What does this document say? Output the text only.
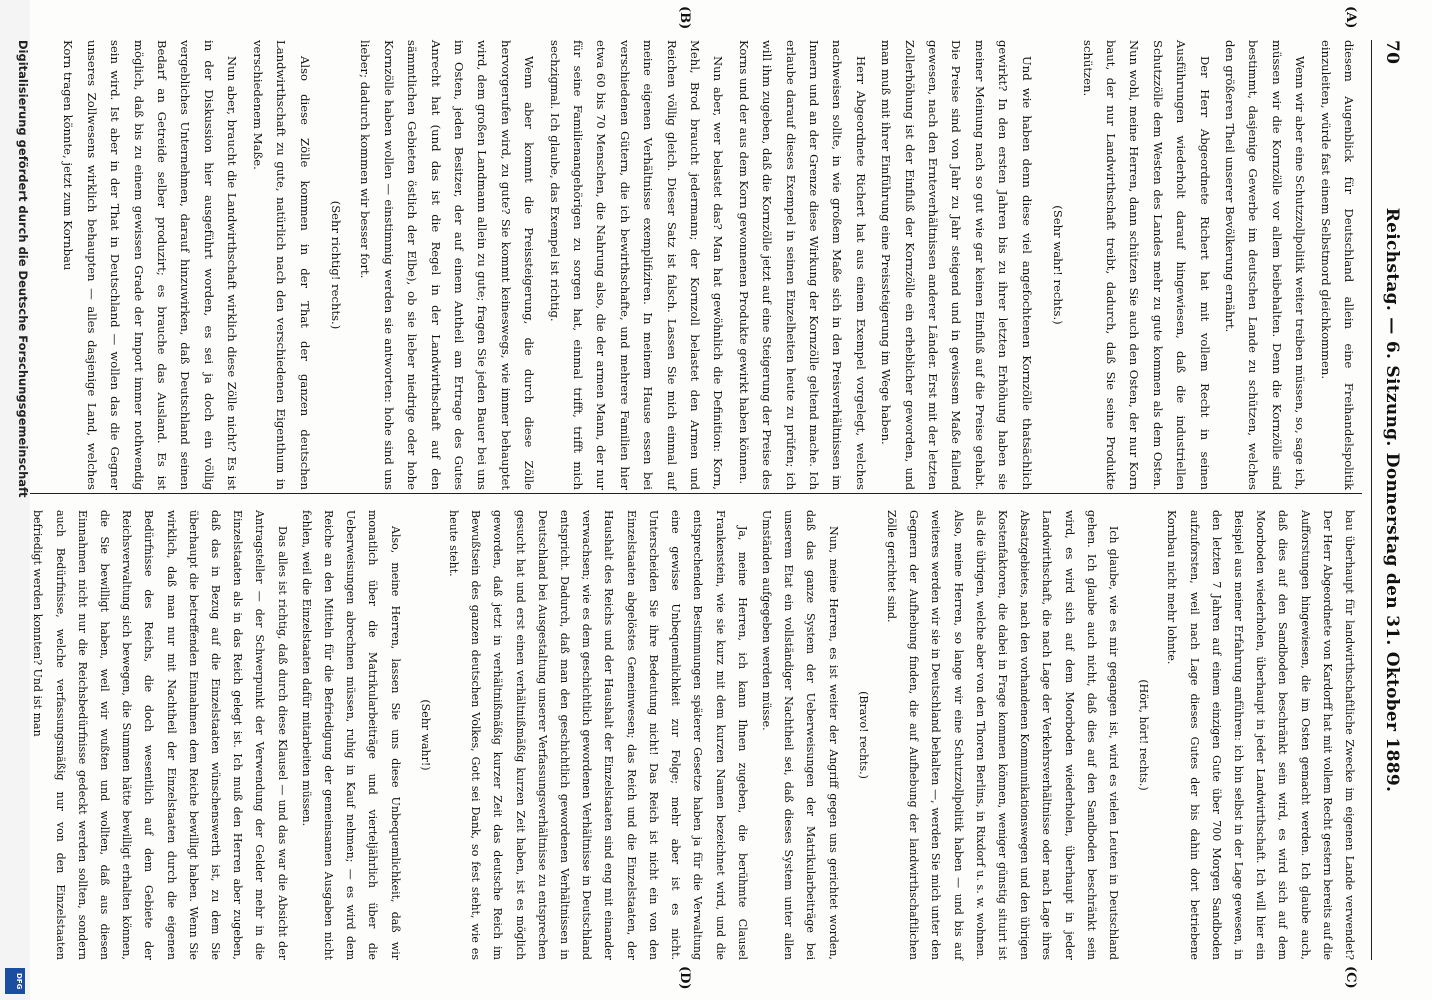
70
Reichstag. — 6. Sitzung. Donnerstag den 31. Oktober 1889.
(A)
(B)
(C)
(D)

diesem Augenblick für Deutschland allein eine Freihandelspolitik einzuleiten, würde fast einem Selbstmord gleichkommen.

Wenn wir aber eine Schutzzollpolitik weiter treiben müssen, so, sage ich, müssen wir die Kornzölle vor allem beibehalten. Denn die Kornzölle sind bestimmt, dasjenige Gewerbe im deutschen Lande zu schützen, welches den größeren Theil unserer Bevölkerung ernährt.

Der Herr Abgeordnete Richert hat mit vollem Recht in seinen Ausführungen wiederholt darauf hingewiesen, daß die industriellen Schutzzölle dem Westen des Landes mehr zu gute kommen als dem Osten. Nun wohl, meine Herren, dann schützen Sie auch den Osten, der nur Korn baut, der nur Landwirthschaft treibt, dadurch, daß Sie seine Produkte schützen.

(Sehr wahr! rechts.)

Und wie haben denn diese viel angefochtenen Kornzölle thatsächlich gewirkt? In den ersten Jahren bis zu ihrer letzten Erhöhung haben sie meiner Meinung nach so gut wie gar keinen Einfluß auf die Preise gehabt. Die Preise sind von Jahr zu Jahr steigend und in gewissem Maße fallend gewesen, nach den Ernteverhältnissen anderer Länder. Erst mit der letzten Zollerhöhung ist der Einfluß der Kornzölle ein erheblicher geworden, und man muß mit ihrer Einführung eine Preissteigerung im Wege haben.

Herr Abgeordnete Richert hat aus einem Exempel vorgelegt, welches nachweisen sollte, in wie großem Maße sich in den Preisverhältnissen im Innern und an der Grenze diese Wirkung der Kornzölle geltend mache. Ich erlaube darauf dieses Exempel in seinen Einzelheiten heute zu prüfen; ich will ihm zugeben, daß die Kornzölle jetzt auf eine Steigerung der Preise des Korns und der aus dem Korn gewonnenen Produkte gewirkt haben können.

Nun aber, wer belastet das? Man hat gewöhnlich die Definition: Korn, Mehl, Brod braucht jedermann; der Kornzoll belastet den Armen und Reichen völlig gleich. Dieser Satz ist falsch. Lassen Sie mich einmal auf meine eigenen Verhältnisse exemplifiziren. In meinem Hause essen bei verschiedenen Gütern, die ich bewirthschafte, und mehrere Familien hier etwa 60 bis 70 Menschen, die Nahrung also, die der armen Mann, der nur für seine Familienangehörigen zu sorgen hat, einmal trifft, trifft mich sechzigmal. Ich glaube, das Exempel ist richtig.

Wenn aber kommt die Preissteigerung, die durch diese Zölle hervorgerufen wird, zu gute? Sie kommt keineswegs, wie immer behauptet wird, dem großen Landmann allein zu gute; fragen Sie jeden Bauer bei uns im Osten, jeden Besitzer, der auf einem Antheil am Ertrage des Gutes Anrecht hat (und das ist die Regel in der Landwirthschaft auf den sämmtlichen Gebieten östlich der Elbe), ob sie lieber niedrige oder hohe Kornzölle haben wollen — einstimmig werden sie antworten: hohe sind uns lieber; dadurch kommen wir besser fort.

(Sehr richtig! rechts.)

Also diese Zölle kommen in der That der ganzen deutschen Landwirthschaft zu gute, natürlich nach den verschiedenen Eigenthum in verschiedenem Maße.

Nun aber, braucht die Landwirthschaft wirklich diese Zölle nicht? Es ist in der Diskussion hier ausgeführt worden, es sei ja doch ein völlig vergebliches Unternehmen, darauf hinzuwirken, daß Deutschland seinen Bedarf an Getreide selber produzirt; es brauche das Ausland. Es ist möglich, daß bis zu einem gewissen Grade der Import immer nothwendig sein wird. Ist aber in der That in Deutschland — wollen das die Gegner unseres Zollwesens wirklich behaupten — alles dasjenige Land, welches Korn tragen könnte, jetzt zum Kornbau

bau überhaupt für landwirthschaftliche Zwecke im eigenen Lande verwendet? Der Herr Abgeordnete von Kardorff hat mit vollem Recht gestern bereits auf die Aufforstungen hingewiesen, die im Osten gemacht werden. Ich glaube auch, daß dies auf den Sandboden beschränkt sein wird, es wird sich auf dem Moorboden wiederholen, überhaupt in jeder Landwirthschaft. Ich will hier ein Beispiel aus meiner Erfahrung anführen: ich bin selbst in der Lage gewesen, in den letzten 7 Jahren auf einem einzigen Gute über 700 Morgen Sandboden aufzuforsten, weil nach Lage dieses Gutes der bis dahin dort betriebene Kornbau nicht mehr lohnte.

(Hört, hört! rechts.)

Ich glaube, wie es mir gegangen ist, wird es vielen Leuten in Deutschland gehen. Ich glaube auch nicht, daß dies auf den Sandboden beschränkt sein wird, es wird sich auf dem Moorboden wiederholen, überhaupt in jeder Landwirthschaft, die nach Lage der Verkehrsverhältnisse oder nach Lage ihres Absatzgebietes, nach den vorhandenen Kommunikationswegen und den übrigen Kostenfaktoren, die dabei in Frage kommen können, weniger günstig situirt ist als die übrigen, welche aber von den Thoren Berlins, in Rixdorf u. s. w. wohnen. Also, meine Herren, so lange wir eine Schutzzollpolitik haben — und bis auf weiteres werden wir sie in Deutschland behalten —, werden Sie mich unter den Gegnern der Aufhebung finden, die auf Aufhebung der landwirthschaftlichen Zölle gerichtet sind.

(Bravo! rechts.)

Nun, meine Herren, es ist weiter der Angriff gegen uns gerichtet worden, daß das ganze System der Ueberweisungen der Matrikularbeiträge bei unserem Etat ein vollständiger Nachtheil sei, daß dieses System unter allen Umständen aufgegeben werden müsse.

Ja, meine Herren, ich kann Ihnen zugeben, die berühmte Clausel Frankenstein, wie sie kurz mit dem kurzen Namen bezeichnet wird, und die entsprechenden Bestimmungen späterer Gesetze haben ja für die Verwaltung eine gewisse Unbequemlichkeit zur Folge; mehr aber ist es nicht. Unterscheiden Sie ihre Bedeutung nicht! Das Reich ist nicht ein von den Einzelstaaten abgelöstes Gemeinwesen; das Reich und die Einzelstaaten, der Haushalt des Reichs und der Haushalt der Einzelstaaten sind eng mit einander verwachsen; wie es dem geschichtlich gewordenen Verhältnisse in Deutschland entspricht. Dadurch, daß man den geschichtlich gewordenen Verhältnissen in Deutschland bei Ausgestaltung unserer Verfassungsverhältnisse zu entsprechen gesucht hat und erst einen verhältnißmäßig kurzen Zeit haben, ist es möglich geworden, daß jetzt in verhältnißmäßig kurzer Zeit das deutsche Reich im Bewußtsein des ganzen deutschen Volkes, Gott sei Dank, so fest steht, wie es heute steht.

(Sehr wahr!)

Also, meine Herren, lassen Sie uns diese Unbequemlichkeit, daß wir monatlich über die Matrikularbeiträge und vierteljährlich über die Ueberweisungen abrechnen müssen, ruhig in Kauf nehmen; — es wird dem Reiche an den Mitteln für die Befriedigung der gemeinsamen Ausgaben nicht fehlen, weil die Einzelstaaten dafür mitarbeiten müssen.

Das alles ist richtig, daß durch diese Klausel — und das war die Absicht der Antragsteller — der Schwerpunkt der Verwendung der Gelder mehr in die Einzelstaaten als in das Reich gelegt ist. Ich muß den Herren aber zugeben, daß das in Bezug auf die Einzelstaaten wünschenswerth ist, zu dem Sie überhaupt die betreffenden Einnahmen dem Reiche bewilligt haben. Wenn Sie wirklich, daß man nur mit Nachtheil der Einzelstaaten durch die eigenen Bedürfnisse des Reichs, die doch wesentlich auf dem Gebiete der Reichsverwaltung sich bewegen, die Summen hätte bewilligt erhalten können, die Sie bewilligt haben, weil wir wußten und wollten, daß aus diesen Einnahmen nicht nur die Reichsbedürfnisse gedeckt werden sollten, sondern auch Bedürfnisse, welche verfassungsmäßig nur von den Einzelstaaten befriedigt werden konnten? Und ist man

Digitalisierung gefördert durch die Deutsche Forschungsgemeinschaft
DFG
